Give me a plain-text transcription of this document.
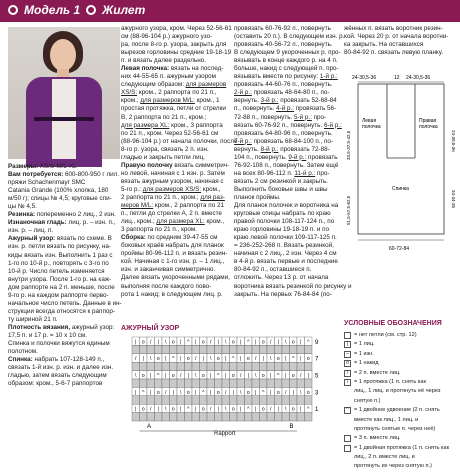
Модель 1 Жилет

Размеры: XS/S-M/L-XL

Вам потребуется: 600-800-950 г лил.

пряжи Schachenmayr SMC

Catania Grande (100% хлопка, 180

м/50 г); спицы № 4,5; круговые спи-

цы № 4,5.

Резинка: попеременно 2 лиц., 2 изн.

Изнаночная гладь: лиц. р. – изн. п.,

изн. р. – лиц. п.

Ажурный узор: вязать по схеме. В

изн. р. петли вязать по рисунку, на-

киды вязать изн. Выполнить 1 раз с

1-го по 10-й р., повторять с 3-го по

10-й р. Число петель изменяется

внутри узора. После 1-го р. на каж-

дом раппорте на 2 п. меньше, после

9-го р. на каждом раппорте перво-

начальное число петель. Данные в ин-

струкции всегда относятся к раппор-

ту шириной 21 п.

Плотность вязания, ажурный узор:

17,5 п. и 17 р. = 10 x 10 см.

Спинка и полочки вяжутся единым

полотном.

Спинка: набрать 107-128-149 п.,

связать 1-й изн. р. изн. и далее изн.

гладью, затем вязать следующим

образом: кром., 5-6-7 раппортов

ажурного узора, кром. Через 52-56-61

см (88-96-104 р.) ажурного узо-

ра, после 8-го р. узора, закрыть для

вырезов горловины средние 19-18-19

п. и вязать далее раздельно.

Левая полочка: вязать на послед-

них 44-55-65 п. ажурным узором

следующим образом: для размеров

XS/S: кром., 2 раппорта по 21 п.,

кром.; для размеров M/L: кром., 1

простая протяжка, петли от стрелки

B, 2 раппорта по 21 п., кром.;

для размера XL: кром., 3 раппорта

по 21 п., кром. Через 52-56-61 см

(88-96-104 р.) от начала полочки, после

8-го р. узора, связать 2 п. изн.

гладью и закрыть петли лиц.

Правую полочку вязать симметрич-

но левой, начиная с 1 изн. р. Затем

вязать ажурным узором, начиная с

5-го р.: для размеров XS/S: кром.,

2 раппорта по 21 п., кром.; для раз-

меров M/L: кром., 2 раппорта по 21

п., петли до стрелки A, 2 п. вместе

лиц., кром.; для размера XL: кром.,

3 раппорта по 21 п., кром.

Сборка: по средним 39-47-55 см

боковых краёв набрать для планок

проймы 80-96-112 п. и вязать резин-

кой. Начиная с 1-го изн. р. – 1 лиц.,

изн. и заканчивая симметрично.

Далее вязать укороченными рядами,

выполняя после каждого пово-

рота 1 накид; в следующем лиц. р.

провязать 60-76-92 п., повернуть

(оставить 20 п.). В следующем изн. р.

провязать 40-56-72 п., повернуть.

В следующем 9 укороченных р. про-

вязывать в конце каждого р. на 4 п.

больше, накид с следующей п. про-

вязывать вместе по рисунку: 1-й р.:

провязать 44-60-76 п., повернуть.

2-й р.: провязать 48-64-80 п., по-

вернуть. 3-й р.: провязать 52-68-84

п., повернуть. 4-й р.: провязать 56-

72-88 п., повернуть. 5-й р.: про-

вязать 60-76-92 п., повернуть. 6-й р.:

провязать 64-80-96 п., повернуть.

7-й р.: провязать 68-84-100 п., по-

вернуть. 8-й р.: провязать 72-88-

104 п., повернуть. 9-й р.: провязать

76-92-108 п., повернуть. Затем ещё

на всех 80-96-112 п. 11-й р.: про-

вязать 2 см резинкой и закрыть.

Выполнить боковые швы и швы

планок проймы.

Для планок полочек и воротника на

круговые спицы набрать по краю

правой полочки 108-117-124 п., по

краю горловины 19-18-19 п. и по

краю левой полочки 109-117-125 п.

= 236-252-268 п. Вязать резинкой,

начиная с 2 лиц., 2 изн. Через 4 см

в 4-й р. вязать первые и последние

80-84-92 п., оставшиеся п.

отложить. Через 13 р. от начала

воротника вязать резинкой по рисунку и

закрыть. На первых 76-84-84 (по-

жённых п. вязать воротник резин-

кой. Через 20 р. от начала воротни-

ка закрыть. На оставшихся

80-84-92 п. связать левую планку.

24-30,5-36	12 24-30,5-36
Левая полочка
Правая полочка
Спинка
33,5-37,5-42,5
51,5-57,5-62,5
24-30,5-36
34-34-35
60-72-84
УСЛОВНЫЕ ОБОЗНАЧЕНИЯ
= нет петли (см. стр. 12)
|	= 1 лиц.
– = 1 изн.
o = 1 накид
/	= 2 п. вместе лиц.
\	= 1 протяжка (1 п. снять как
лиц., 1 лиц. и протянуть её через
снятую п.)
^ = 1 двойное удвоение (2 п. снять
вместе как лиц., 1 лиц. и
протянуть снятые п. через неё)
= 3 п. вместе лиц.
= 1 двойная протяжка (1 п. снять как
лиц., 2 п. вместе лиц. и
протянуть их через снятую п.)
АЖУРНЫЙ УЗОР
| o / | \ o | ^ | o / | \ o | ^ | o / | \ o | ^
/ | \ o | ^ | o / | \ o | ^ | o / | \ o | ^ | o
\ o | ^ | o / | \ o | ^ | o / | \ o | ^ | o / |
| ^ | o / | \ o | ^ | o / | \ o | ^ | o / | \ o
| o / | \ o | ^ | o / | \ o | ^ | o / | \ o | ^
9
7
5
3
1
A	B
Rapport
